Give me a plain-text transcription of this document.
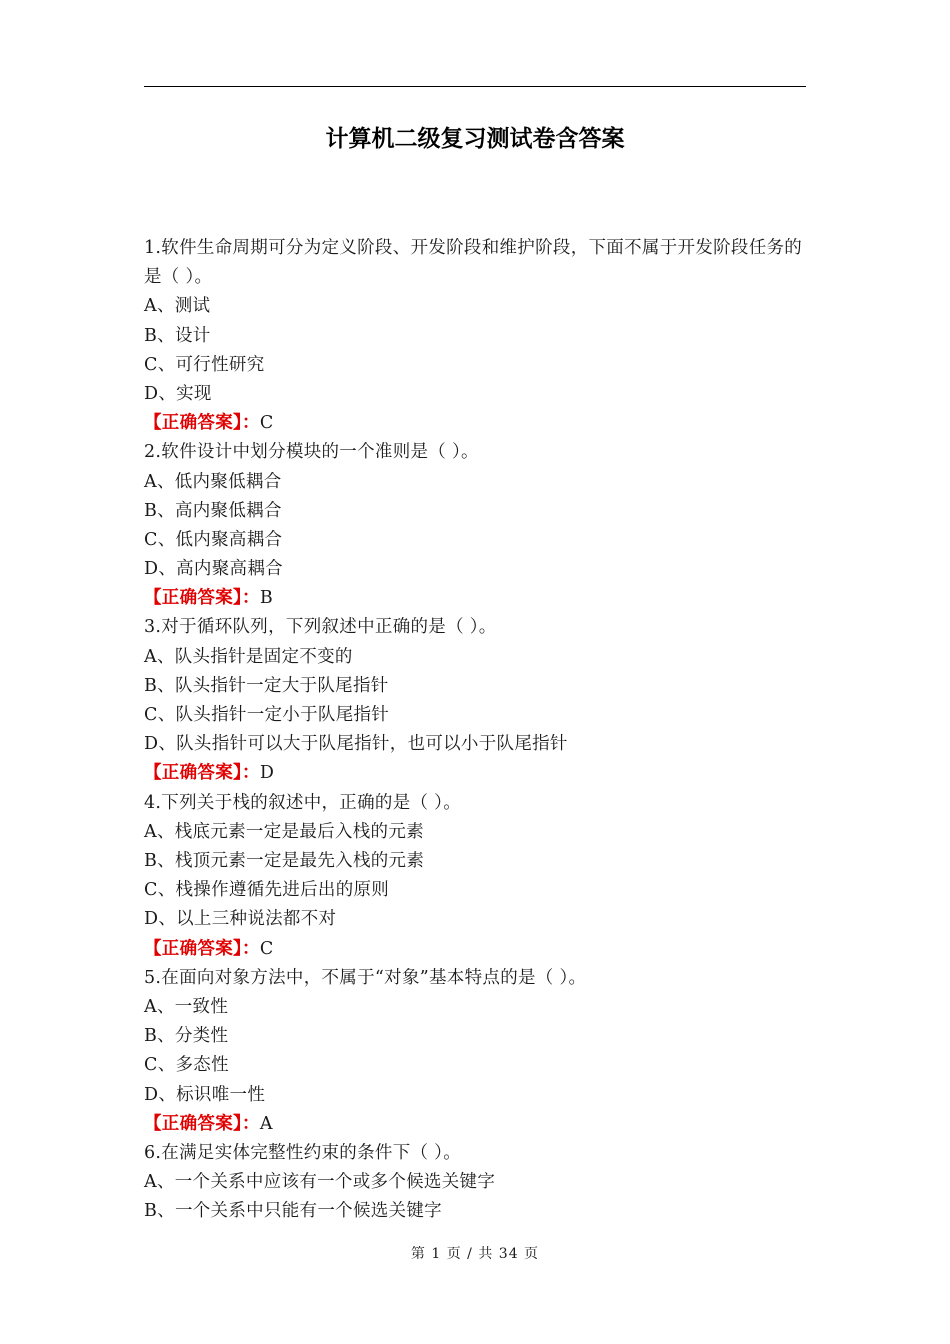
计算机二级复习测试卷含答案
1.软件生命周期可分为定义阶段、开发阶段和维护阶段，下面不属于开发阶段任务的是（ ）。
A、测试
B、设计
C、可行性研究
D、实现
【正确答案】：C
2.软件设计中划分模块的一个准则是（ ）。
A、低内聚低耦合
B、高内聚低耦合
C、低内聚高耦合
D、高内聚高耦合
【正确答案】：B
3.对于循环队列，下列叙述中正确的是（ ）。
A、队头指针是固定不变的
B、队头指针一定大于队尾指针
C、队头指针一定小于队尾指针
D、队头指针可以大于队尾指针，也可以小于队尾指针
【正确答案】：D
4.下列关于栈的叙述中，正确的是（ ）。
A、栈底元素一定是最后入栈的元素
B、栈顶元素一定是最先入栈的元素
C、栈操作遵循先进后出的原则
D、以上三种说法都不对
【正确答案】：C
5.在面向对象方法中，不属于“对象”基本特点的是（ ）。
A、一致性
B、分类性
C、多态性
D、标识唯一性
【正确答案】：A
6.在满足实体完整性约束的条件下（ ）。
A、一个关系中应该有一个或多个候选关键字
B、一个关系中只能有一个候选关键字
第 1 页 / 共 34 页
